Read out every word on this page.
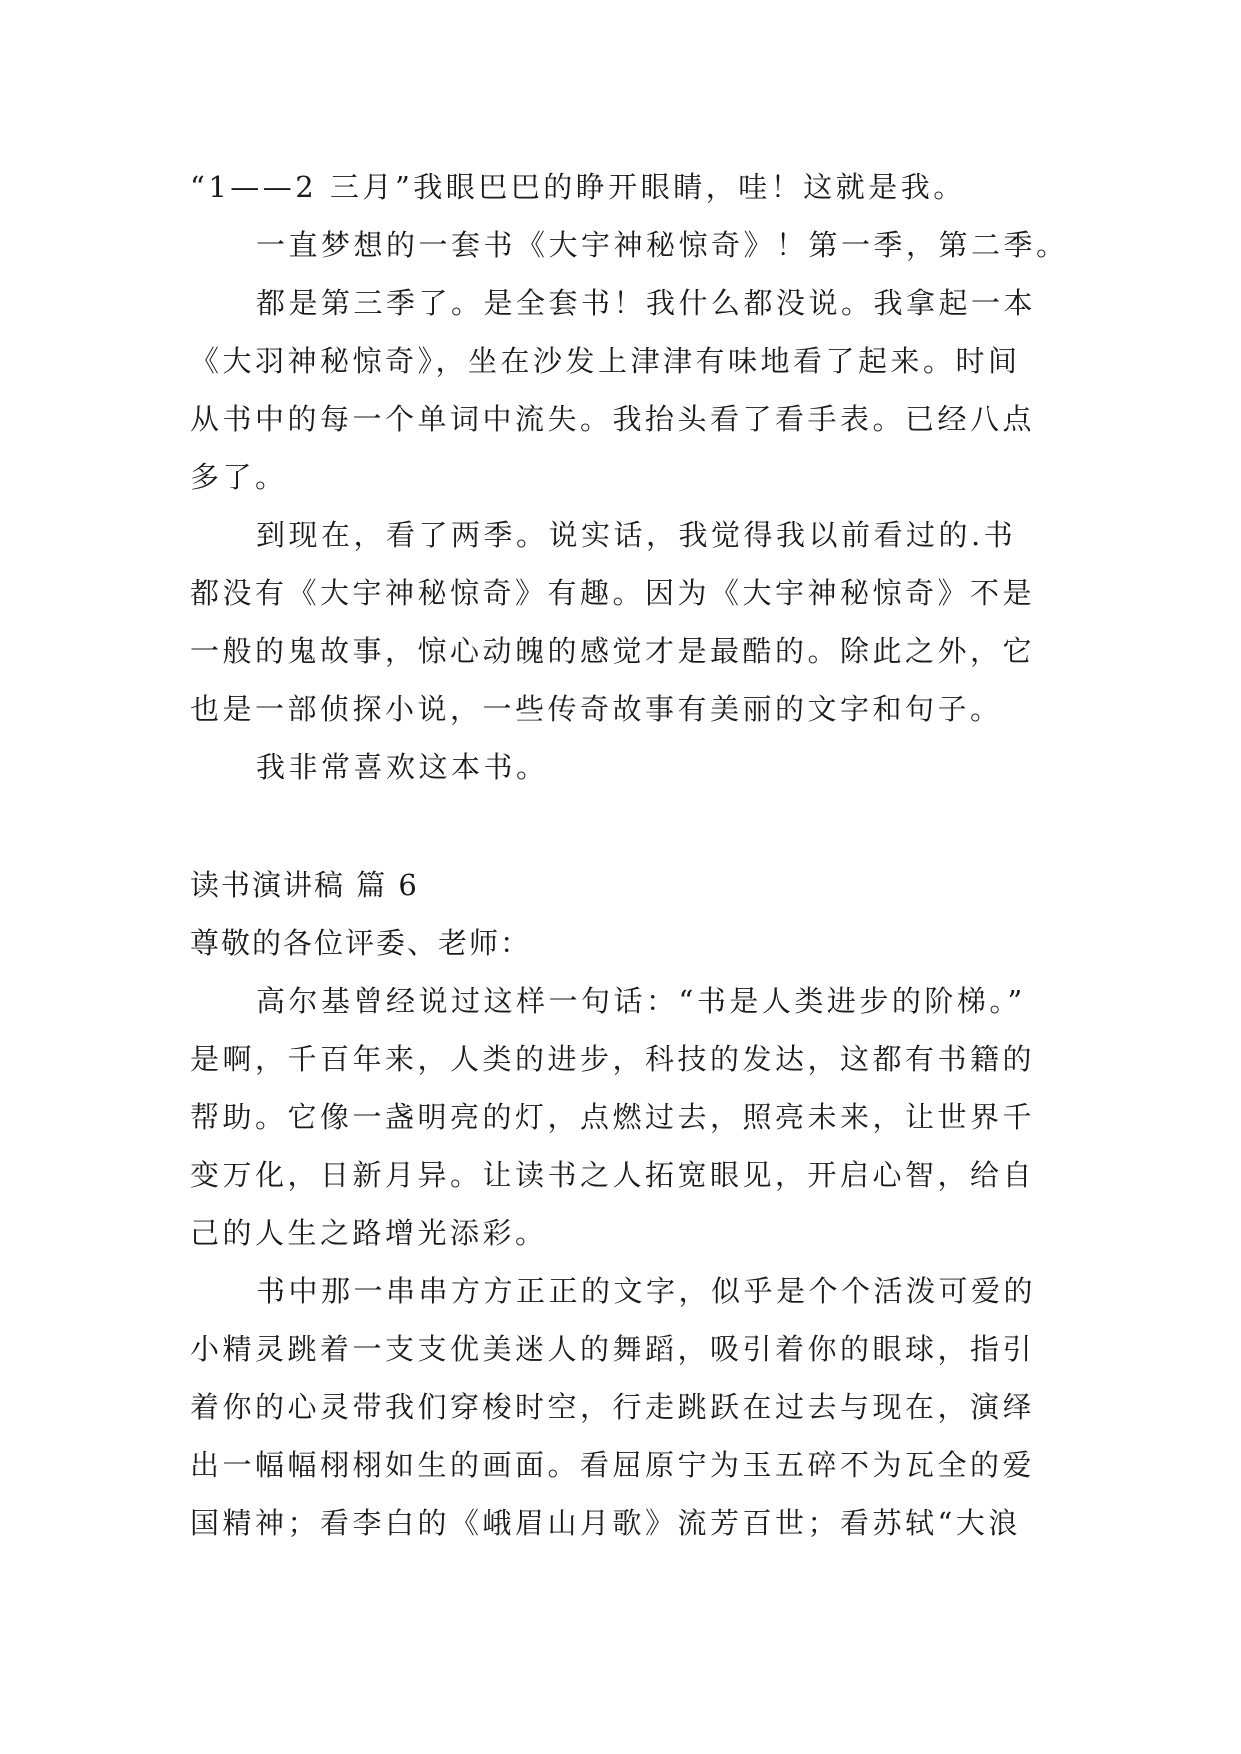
“1——2 三月”我眼巴巴的睁开眼睛，哇！这就是我。
一直梦想的一套书《大宇神秘惊奇》！第一季，第二季。
都是第三季了。是全套书！我什么都没说。我拿起一本
《大羽神秘惊奇》，坐在沙发上津津有味地看了起来。时间
从书中的每一个单词中流失。我抬头看了看手表。已经八点
多了。
到现在，看了两季。说实话，我觉得我以前看过的.书
都没有《大宇神秘惊奇》有趣。因为《大宇神秘惊奇》不是
一般的鬼故事，惊心动魄的感觉才是最酷的。除此之外，它
也是一部侦探小说，一些传奇故事有美丽的文字和句子。
我非常喜欢这本书。
读书演讲稿 篇 6
尊敬的各位评委、老师：
高尔基曾经说过这样一句话：“书是人类进步的阶梯。”
是啊，千百年来，人类的进步，科技的发达，这都有书籍的
帮助。它像一盏明亮的灯，点燃过去，照亮未来，让世界千
变万化，日新月异。让读书之人拓宽眼见，开启心智，给自
己的人生之路增光添彩。
书中那一串串方方正正的文字，似乎是个个活泼可爱的
小精灵跳着一支支优美迷人的舞蹈，吸引着你的眼球，指引
着你的心灵带我们穿梭时空，行走跳跃在过去与现在，演绎
出一幅幅栩栩如生的画面。看屈原宁为玉五碎不为瓦全的爱
国精神；看李白的《峨眉山月歌》流芳百世；看苏轼“大浪
